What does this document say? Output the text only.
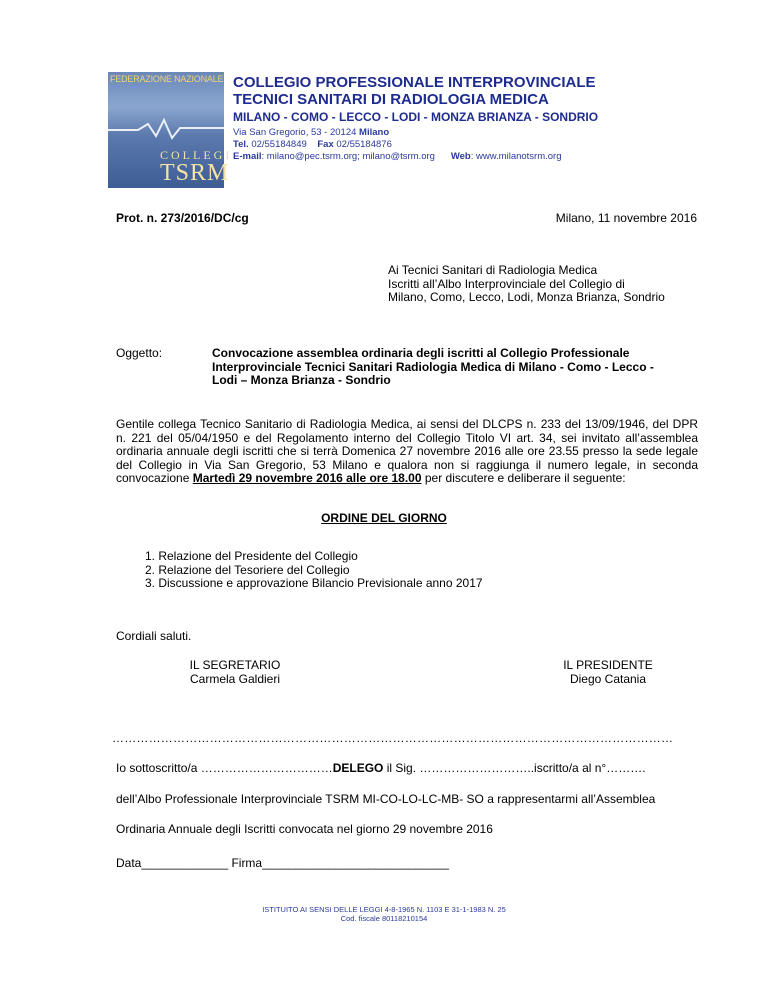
FEDERAZIONE NAZIONALE
COLLEGI
TSRM
COLLEGIO PROFESSIONALE INTERPROVINCIALE
TECNICI SANITARI DI RADIOLOGIA MEDICA
MILANO - COMO - LECCO - LODI - MONZA BRIANZA - SONDRIO
Via San Gregorio, 53 - 20124 Milano
Tel. 02/55184849 Fax 02/55184876
E-mail: milano@pec.tsrm.org; milano@tsrm.org Web: www.milanotsrm.org
Prot. n. 273/2016/DC/cg	Milano, 11 novembre 2016
Ai Tecnici Sanitari di Radiologia Medica
Iscritti all’Albo Interprovinciale del Collegio di
Milano, Como, Lecco, Lodi, Monza Brianza, Sondrio
Oggetto:	Convocazione assemblea ordinaria degli iscritti al Collegio Professionale
Interprovinciale Tecnici Sanitari Radiologia Medica di Milano - Como - Lecco -
Lodi – Monza Brianza - Sondrio
Gentile collega Tecnico Sanitario di Radiologia Medica, ai sensi del DLCPS n. 233 del 13/09/1946, del DPR n. 221 del 05/04/1950 e del Regolamento interno del Collegio Titolo VI art. 34, sei invitato all’assemblea ordinaria annuale degli iscritti che si terrà Domenica 27 novembre 2016 alle ore 23.55 presso la sede legale del Collegio in Via San Gregorio, 53 Milano e qualora non si raggiunga il numero legale, in seconda convocazione Martedì 29 novembre 2016 alle ore 18.00 per discutere e deliberare il seguente:
ORDINE DEL GIORNO
1. Relazione del Presidente del Collegio
2. Relazione del Tesoriere del Collegio
3. Discussione e approvazione Bilancio Previsionale anno 2017
Cordiali saluti.
IL SEGRETARIO
Carmela Galdieri
IL PRESIDENTE
Diego Catania
…………………………………………………………………………………………………………………………
Io sottoscritto/a ……………………………DELEGO il Sig. ………………………..iscritto/a al n°……….
dell’Albo Professionale Interprovinciale TSRM MI-CO-LO-LC-MB- SO a rappresentarmi all’Assemblea
Ordinaria Annuale degli Iscritti convocata nel giorno 29 novembre 2016
Data_____________ Firma____________________________
ISTITUITO AI SENSI DELLE LEGGI 4-8-1965 N. 1103 E 31-1-1983 N. 25
Cod. fiscale 80118210154
